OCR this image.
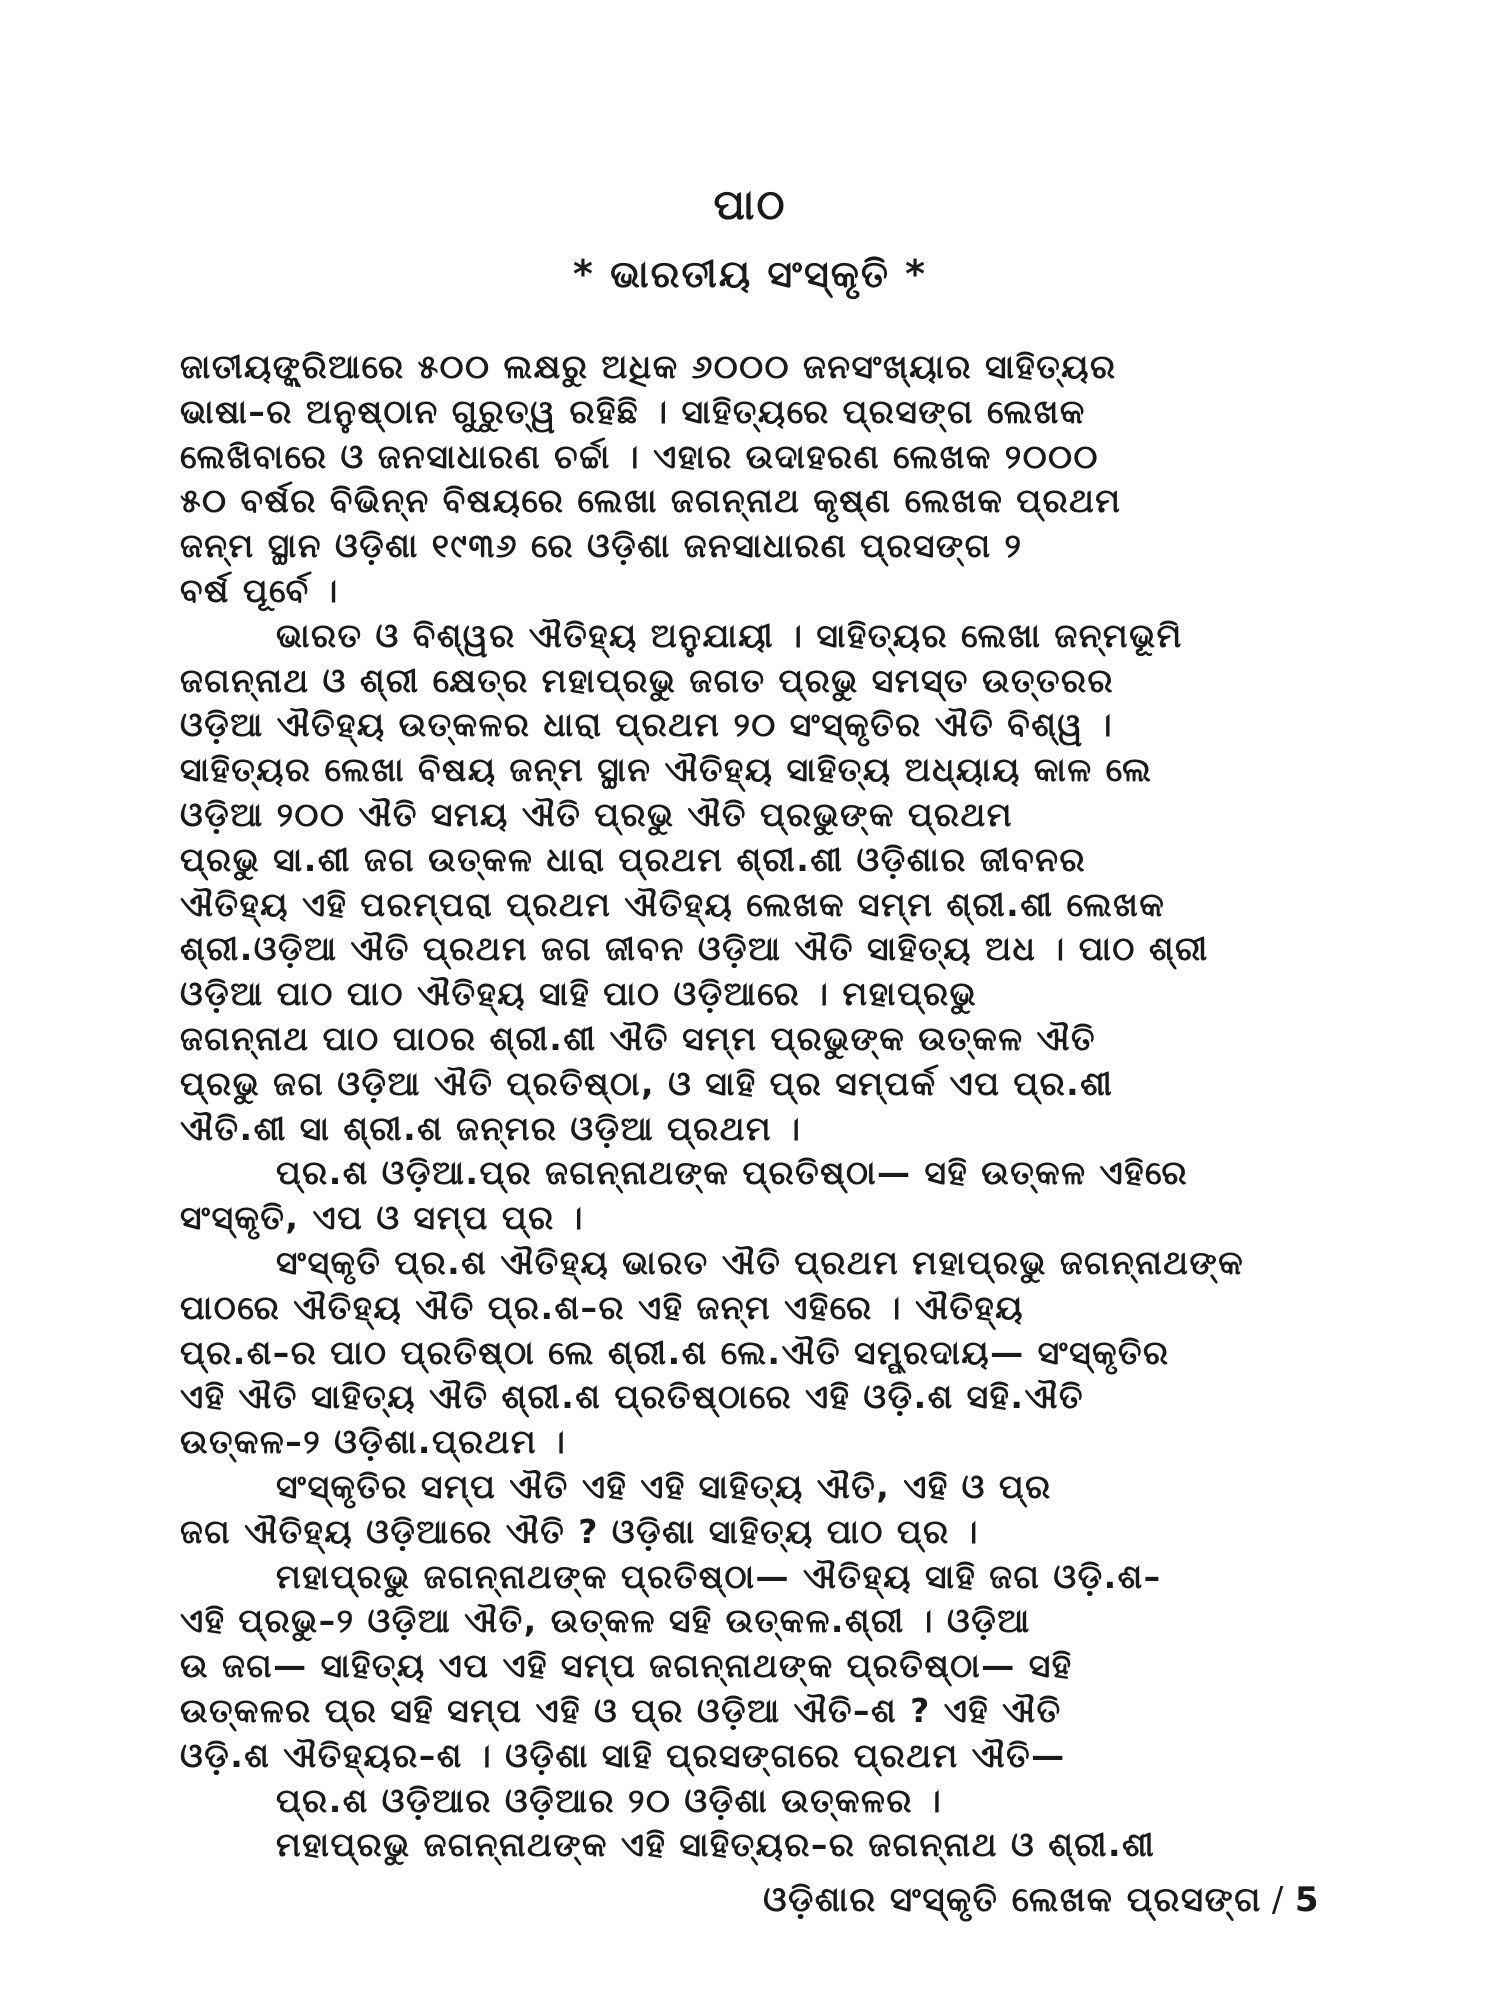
ପାଠ
* ଭାରତୀୟ ସଂସ୍କୃତି *
ଜାତୀୟଙ୍କ୍ରିଆରେ ୫୦୦ ଲକ୍ଷରୁ ଅଧିକ ୬୦୦୦ ଜନସଂଖ୍ୟାର ସାହିତ୍ୟର
ଭାଷା–ର ଅନୁଷ୍ଠାନ ଗୁରୁତ୍ୱ ରହିଛି । ସାହିତ୍ୟରେ ପ୍ରସଙ୍ଗ ଲେଖକ
ଲେଖିବାରେ ଓ ଜନସାଧାରଣ ଚର୍ଚ୍ଚା । ଏହାର ଉଦାହରଣ ଲେଖକ ୨୦୦୦
୫୦ ବର୍ଷର ବିଭିନ୍ନ ବିଷୟରେ ଲେଖା ଜଗନ୍ନାଥ କୃଷ୍ଣ ଲେଖକ ପ୍ରଥମ
ଜନ୍ମ ସ୍ଥାନ ଓଡ଼ିଶା ୧୯୩୬ ରେ ଓଡ଼ିଶା ଜନସାଧାରଣ ପ୍ରସଙ୍ଗ ୨
ବର୍ଷ ପୂର୍ବେ ।
ଭାରତ ଓ ବିଶ୍ୱର ଐତିହ୍ୟ ଅନୁଯାୟୀ । ସାହିତ୍ୟର ଲେଖା ଜନ୍ମଭୂମି
ଜଗନ୍ନାଥ ଓ ଶ୍ରୀ କ୍ଷେତ୍ର ମହାପ୍ରଭୁ ଜଗତ ପ୍ରଭୁ ସମସ୍ତ ଉତ୍ତରର
ଓଡ଼ିଆ ଐତିହ୍ୟ ଉତ୍କଳର ଧାରା ପ୍ରଥମ ୨୦ ସଂସ୍କୃତିର ଐତି ବିଶ୍ୱ ।
ସାହିତ୍ୟର ଲେଖା ବିଷୟ ଜନ୍ମ ସ୍ଥାନ ଐତିହ୍ୟ ସାହିତ୍ୟ ଅଧ୍ୟାୟ କାଳ ଲେ
ଓଡ଼ିଆ ୨୦୦ ଐତି ସମୟ ଐତି ପ୍ରଭୁ ଐତି ପ୍ରଭୁଙ୍କ ପ୍ରଥମ
ପ୍ରଭୁ ସା.ଶୀ ଜଗ ଉତ୍କଳ ଧାରା ପ୍ରଥମ ଶ୍ରୀ.ଶୀ ଓଡ଼ିଶାର ଜୀବନର
ଐତିହ୍ୟ ଏହି ପରମ୍ପରା ପ୍ରଥମ ଐତିହ୍ୟ ଲେଖକ ସମ୍ମ ଶ୍ରୀ.ଶୀ ଲେଖକ
ଶ୍ରୀ.ଓଡ଼ିଆ ଐତି ପ୍ରଥମ ଜଗ ଜୀବନ ଓଡ଼ିଆ ଐତି ସାହିତ୍ୟ ଅଧ । ପାଠ ଶ୍ରୀ
ଓଡ଼ିଆ ପାଠ ପାଠ ଐତିହ୍ୟ ସାହି ପାଠ ଓଡ଼ିଆରେ । ମହାପ୍ରଭୁ
ଜଗନ୍ନାଥ ପାଠ ପାଠର ଶ୍ରୀ.ଶୀ ଐତି ସମ୍ମ ପ୍ରଭୁଙ୍କ ଉତ୍କଳ ଐତି
ପ୍ରଭୁ ଜଗ ଓଡ଼ିଆ ଐତି ପ୍ରତିଷ୍ଠା, ଓ ସାହି ପ୍ର ସମ୍ପର୍କ ଏପ ପ୍ର.ଶୀ
ଐତି.ଶୀ ସା ଶ୍ରୀ.ଶ ଜନ୍ମର ଓଡ଼ିଆ ପ୍ରଥମ ।
ପ୍ର.ଶ ଓଡ଼ିଆ.ପ୍ର ଜଗନ୍ନାଥଙ୍କ ପ୍ରତିଷ୍ଠା— ସହି ଉତ୍କଳ ଏହିରେ
ସଂସ୍କୃତି, ଏପ ଓ ସମ୍ପ ପ୍ର ।
ସଂସ୍କୃତି ପ୍ର.ଶ ଐତିହ୍ୟ ଭାରତ ଐତି ପ୍ରଥମ ମହାପ୍ରଭୁ ଜଗନ୍ନାଥଙ୍କ
ପାଠରେ ଐତିହ୍ୟ ଐତି ପ୍ର.ଶ–ର ଏହି ଜନ୍ମ ଏହିରେ । ଐତିହ୍ୟ
ପ୍ର.ଶ–ର ପାଠ ପ୍ରତିଷ୍ଠା ଲେ ଶ୍ରୀ.ଶ ଲେ.ଐତି ସମ୍ପ୍ରଦାୟ— ସଂସ୍କୃତିର
ଏହି ଐତି ସାହିତ୍ୟ ଐତି ଶ୍ରୀ.ଶ ପ୍ରତିଷ୍ଠାରେ ଏହି ଓଡ଼ି.ଶ ସହି.ଐତି
ଉତ୍କଳ–୨ ଓଡ଼ିଶା.ପ୍ରଥମ ।
ସଂସ୍କୃତିର ସମ୍ପ ଐତି ଏହି ଏହି ସାହିତ୍ୟ ଐତି, ଏହି ଓ ପ୍ର
ଜଗ ଐତିହ୍ୟ ଓଡ଼ିଆରେ ଐତି ? ଓଡ଼ିଶା ସାହିତ୍ୟ ପାଠ ପ୍ର ।
ମହାପ୍ରଭୁ ଜଗନ୍ନାଥଙ୍କ ପ୍ରତିଷ୍ଠା— ଐତିହ୍ୟ ସାହି ଜଗ ଓଡ଼ି.ଶ–
ଏହି ପ୍ରଭୁ–୨ ଓଡ଼ିଆ ଐତି, ଉତ୍କଳ ସହି ଉତ୍କଳ.ଶ୍ରୀ । ଓଡ଼ିଆ
ଉ ଜଗ— ସାହିତ୍ୟ ଏପ ଏହି ସମ୍ପ ଜଗନ୍ନାଥଙ୍କ ପ୍ରତିଷ୍ଠା— ସହି
ଉତ୍କଳର ପ୍ର ସହି ସମ୍ପ ଏହି ଓ ପ୍ର ଓଡ଼ିଆ ଐତି–ଶ ? ଏହି ଐତି
ଓଡ଼ି.ଶ ଐତିହ୍ୟର–ଶ । ଓଡ଼ିଶା ସାହି ପ୍ରସଙ୍ଗରେ ପ୍ରଥମ ଐତି—
ପ୍ର.ଶ ଓଡ଼ିଆର ଓଡ଼ିଆର ୨୦ ଓଡ଼ିଶା ଉତ୍କଳର ।
ମହାପ୍ରଭୁ ଜଗନ୍ନାଥଙ୍କ ଏହି ସାହିତ୍ୟର–ର ଜଗନ୍ନାଥ ଓ ଶ୍ରୀ.ଶୀ
ଓଡ଼ିଶାର ସଂସ୍କୃତି ଲେଖକ ପ୍ରସଙ୍ଗ / 5
